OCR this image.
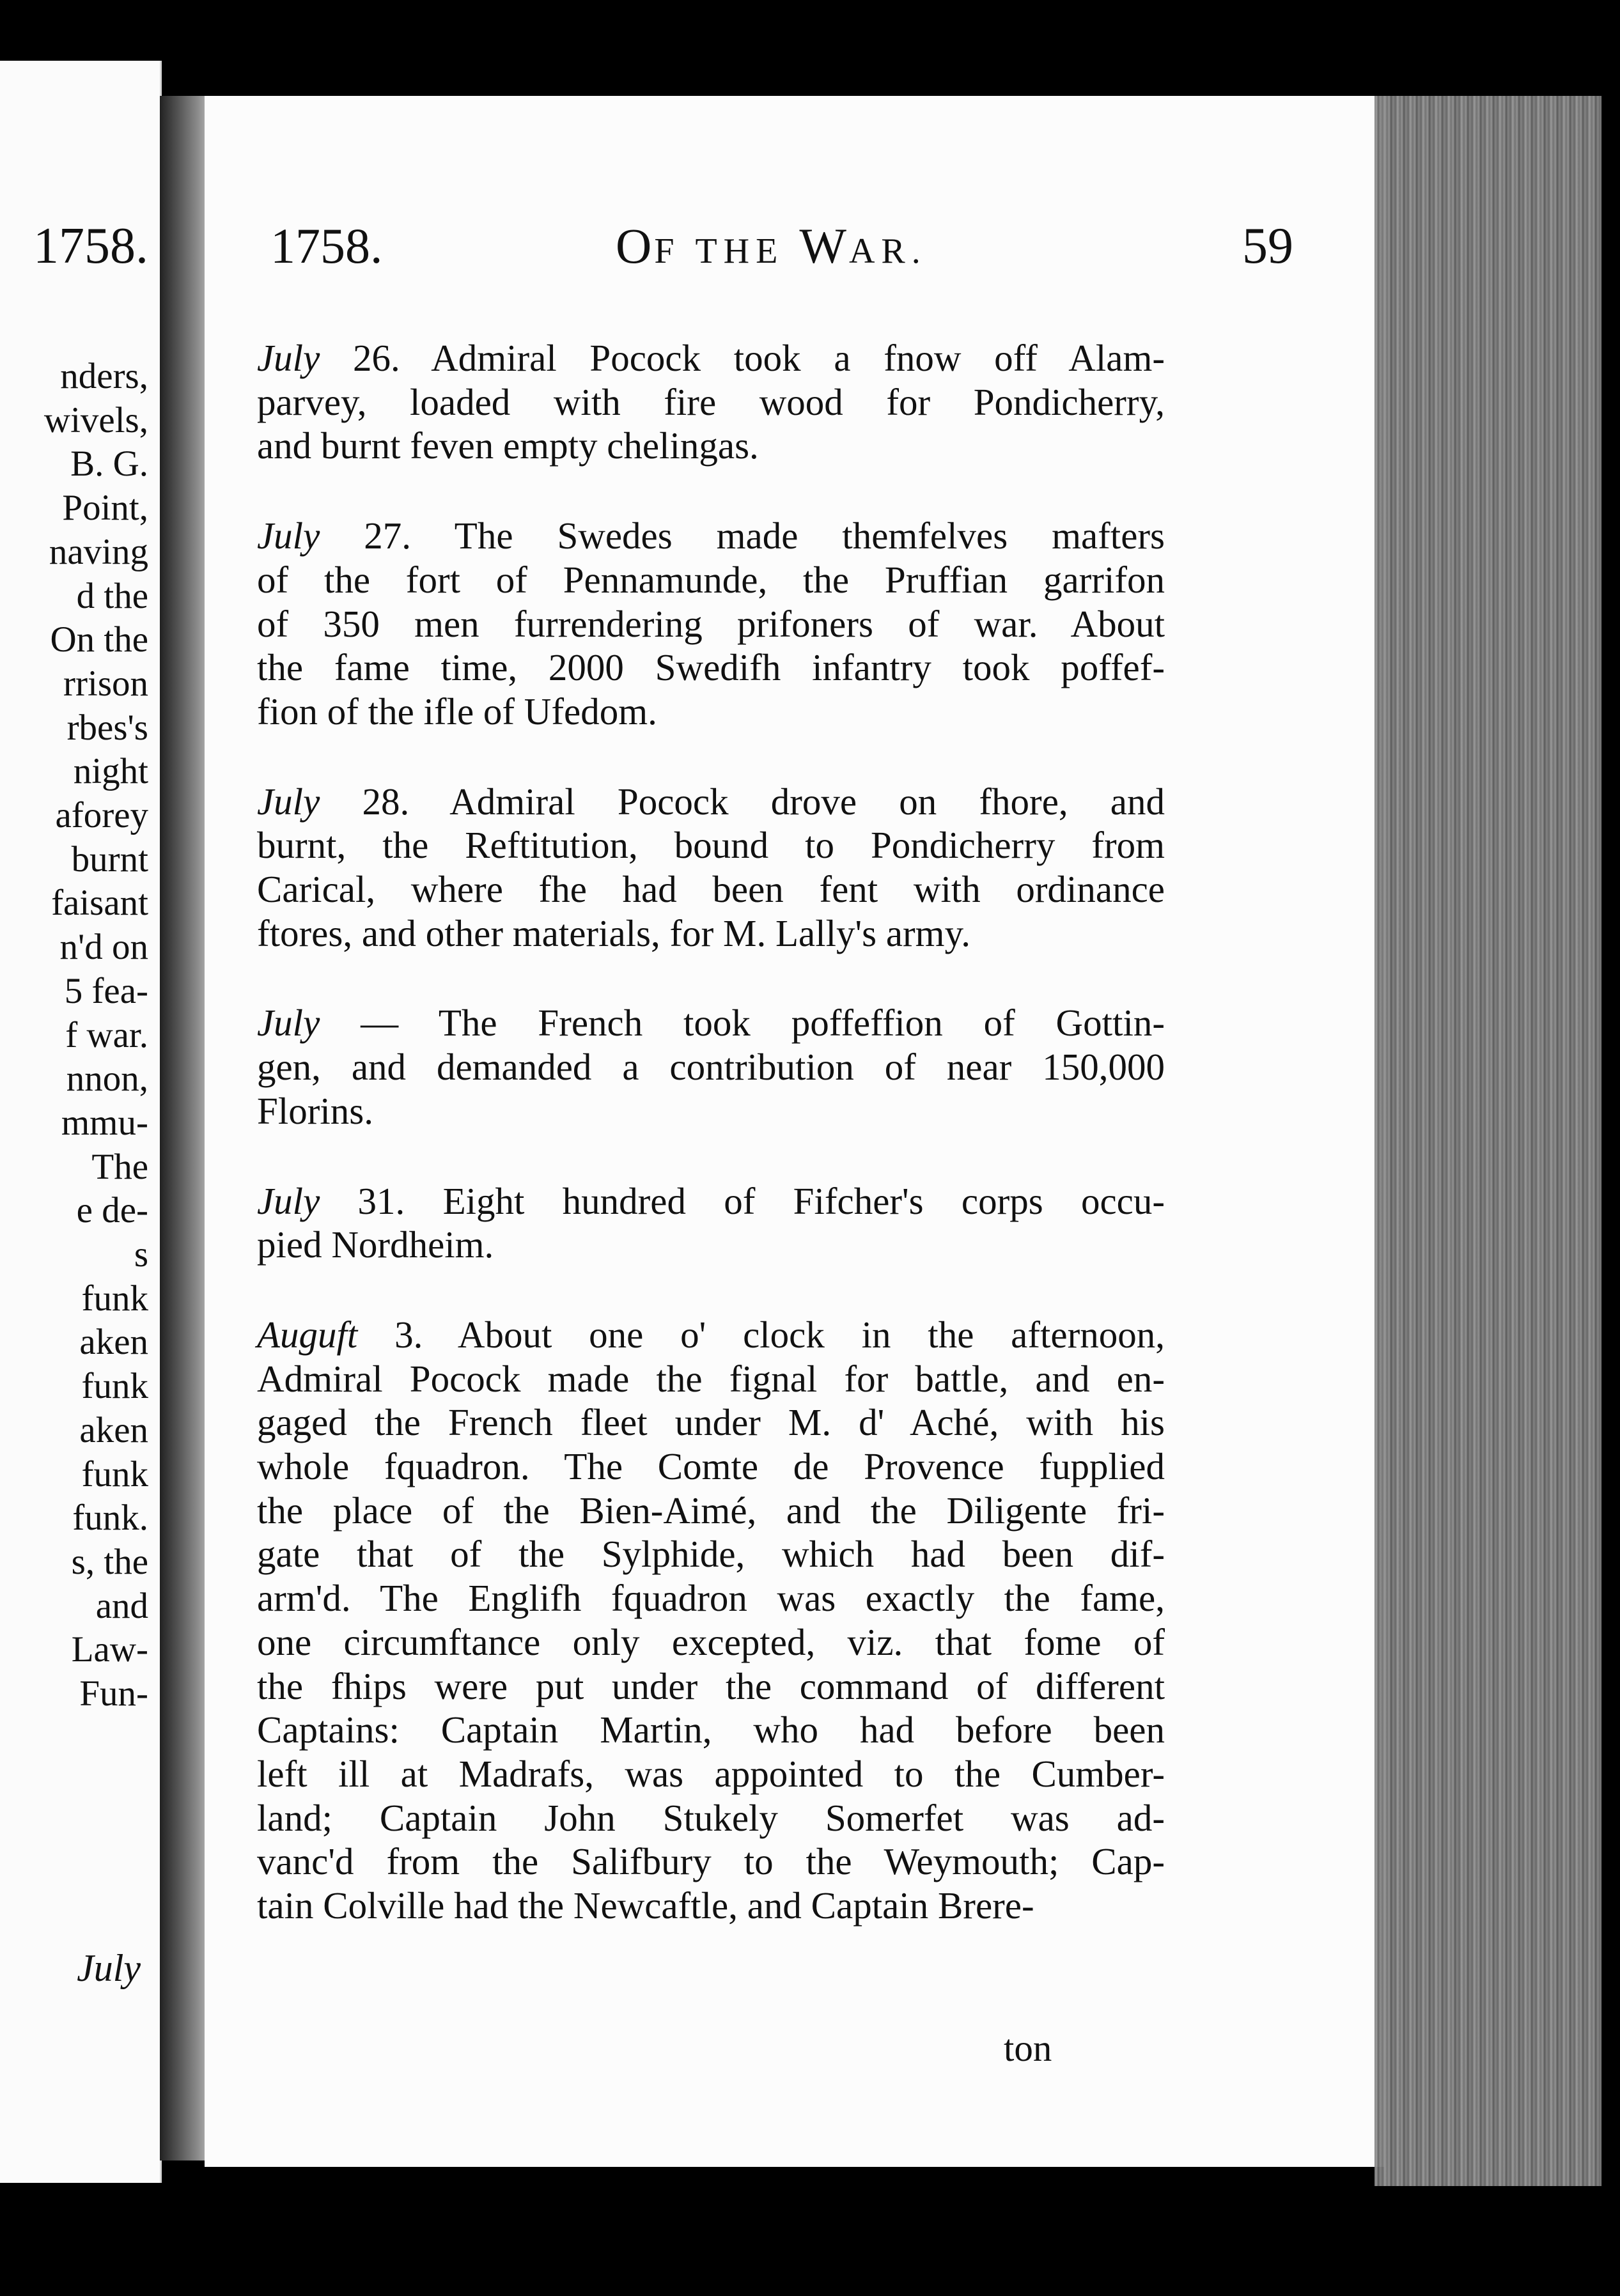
1758.
nders,
wivels,
B. G.
Point,
naving
d the
On the
rrison
rbes's
night
aforey
burnt
faisant
n'd on
5 fea-
f war.
nnon,
mmu-
The
e de-
s
funk
aken
funk
aken
funk
funk.
s, the
and
Law-
Fun-
July
1758.	OF THE WAR.	59
July 26. Admiral Pocock took a fnow off Alam-
parvey, loaded with fire wood for Pondicherry,
and burnt feven empty chelingas.
July 27. The Swedes made themfelves mafters
of the fort of Pennamunde, the Pruffian garrifon
of 350 men furrendering prifoners of war. About
the fame time, 2000 Swedifh infantry took poffef-
fion of the ifle of Ufedom.
July 28. Admiral Pocock drove on fhore, and
burnt, the Reftitution, bound to Pondicherry from
Carical, where fhe had been fent with ordinance
ftores, and other materials, for M. Lally's army.
July — The French took poffeffion of Gottin-
gen, and demanded a contribution of near 150,000
Florins.
July 31. Eight hundred of Fifcher's corps occu-
pied Nordheim.
Auguft 3. About one o' clock in the afternoon,
Admiral Pocock made the fignal for battle, and en-
gaged the French fleet under M. d' Aché, with his
whole fquadron. The Comte de Provence fupplied
the place of the Bien-Aimé, and the Diligente fri-
gate that of the Sylphide, which had been dif-
arm'd. The Englifh fquadron was exactly the fame,
one circumftance only excepted, viz. that fome of
the fhips were put under the command of different
Captains: Captain Martin, who had before been
left ill at Madrafs, was appointed to the Cumber-
land; Captain John Stukely Somerfet was ad-
vanc'd from the Salifbury to the Weymouth; Cap-
tain Colville had the Newcaftle, and Captain Brere-
ton
